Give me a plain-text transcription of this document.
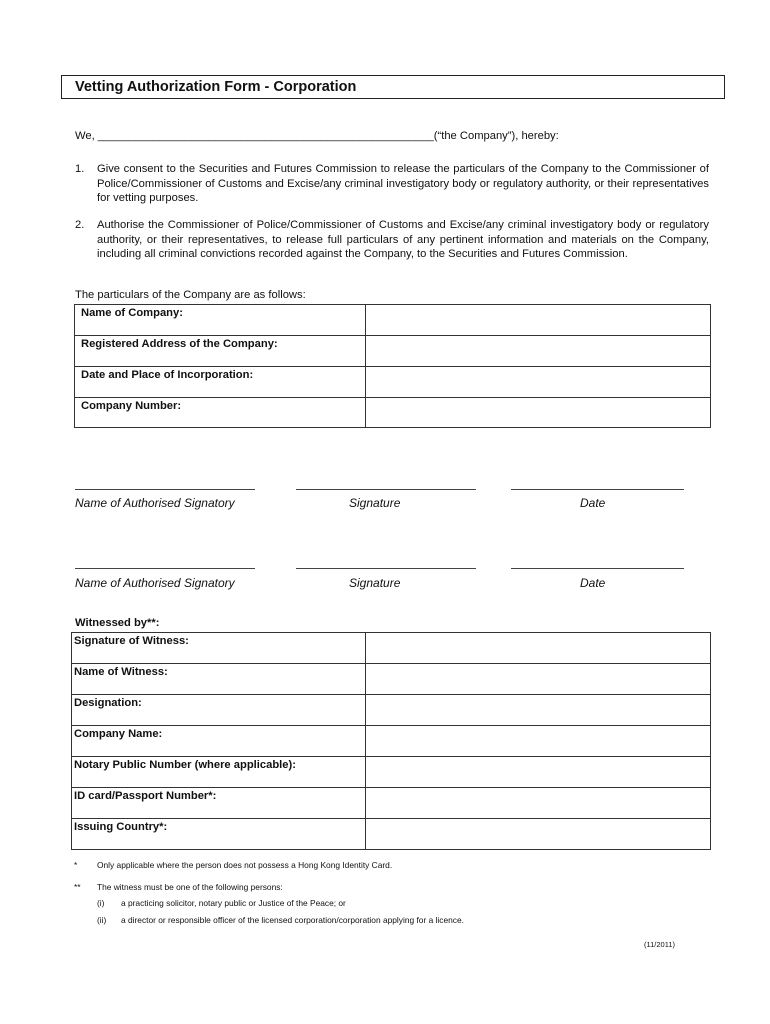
Vetting Authorization Form - Corporation
We, ______________________________________________________(“the Company”), hereby:
1. Give consent to the Securities and Futures Commission to release the particulars of the Company to the Commissioner of Police/Commissioner of Customs and Excise/any criminal investigatory body or regulatory authority, or their representatives for vetting purposes.
2. Authorise the Commissioner of Police/Commissioner of Customs and Excise/any criminal investigatory body or regulatory authority, or their representatives, to release full particulars of any pertinent information and materials on the Company, including all criminal convictions recorded against the Company, to the Securities and Futures Commission.
The particulars of the Company are as follows:
Name of Company:	

Registered Address of the Company:	

Date and Place of Incorporation:	

Company Number:	

Name of Authorised Signatory	Signature	Date
Name of Authorised Signatory	Signature	Date
Witnessed by**:
Signature of Witness:	

Name of Witness:	

Designation:	

Company Name:	

Notary Public Number (where applicable):	

ID card/Passport Number*:	

Issuing Country*:	

* Only applicable where the person does not possess a Hong Kong Identity Card.
** The witness must be one of the following persons:
(i) a practicing solicitor, notary public or Justice of the Peace; or
(ii) a director or responsible officer of the licensed corporation/corporation applying for a licence.
(11/2011)
